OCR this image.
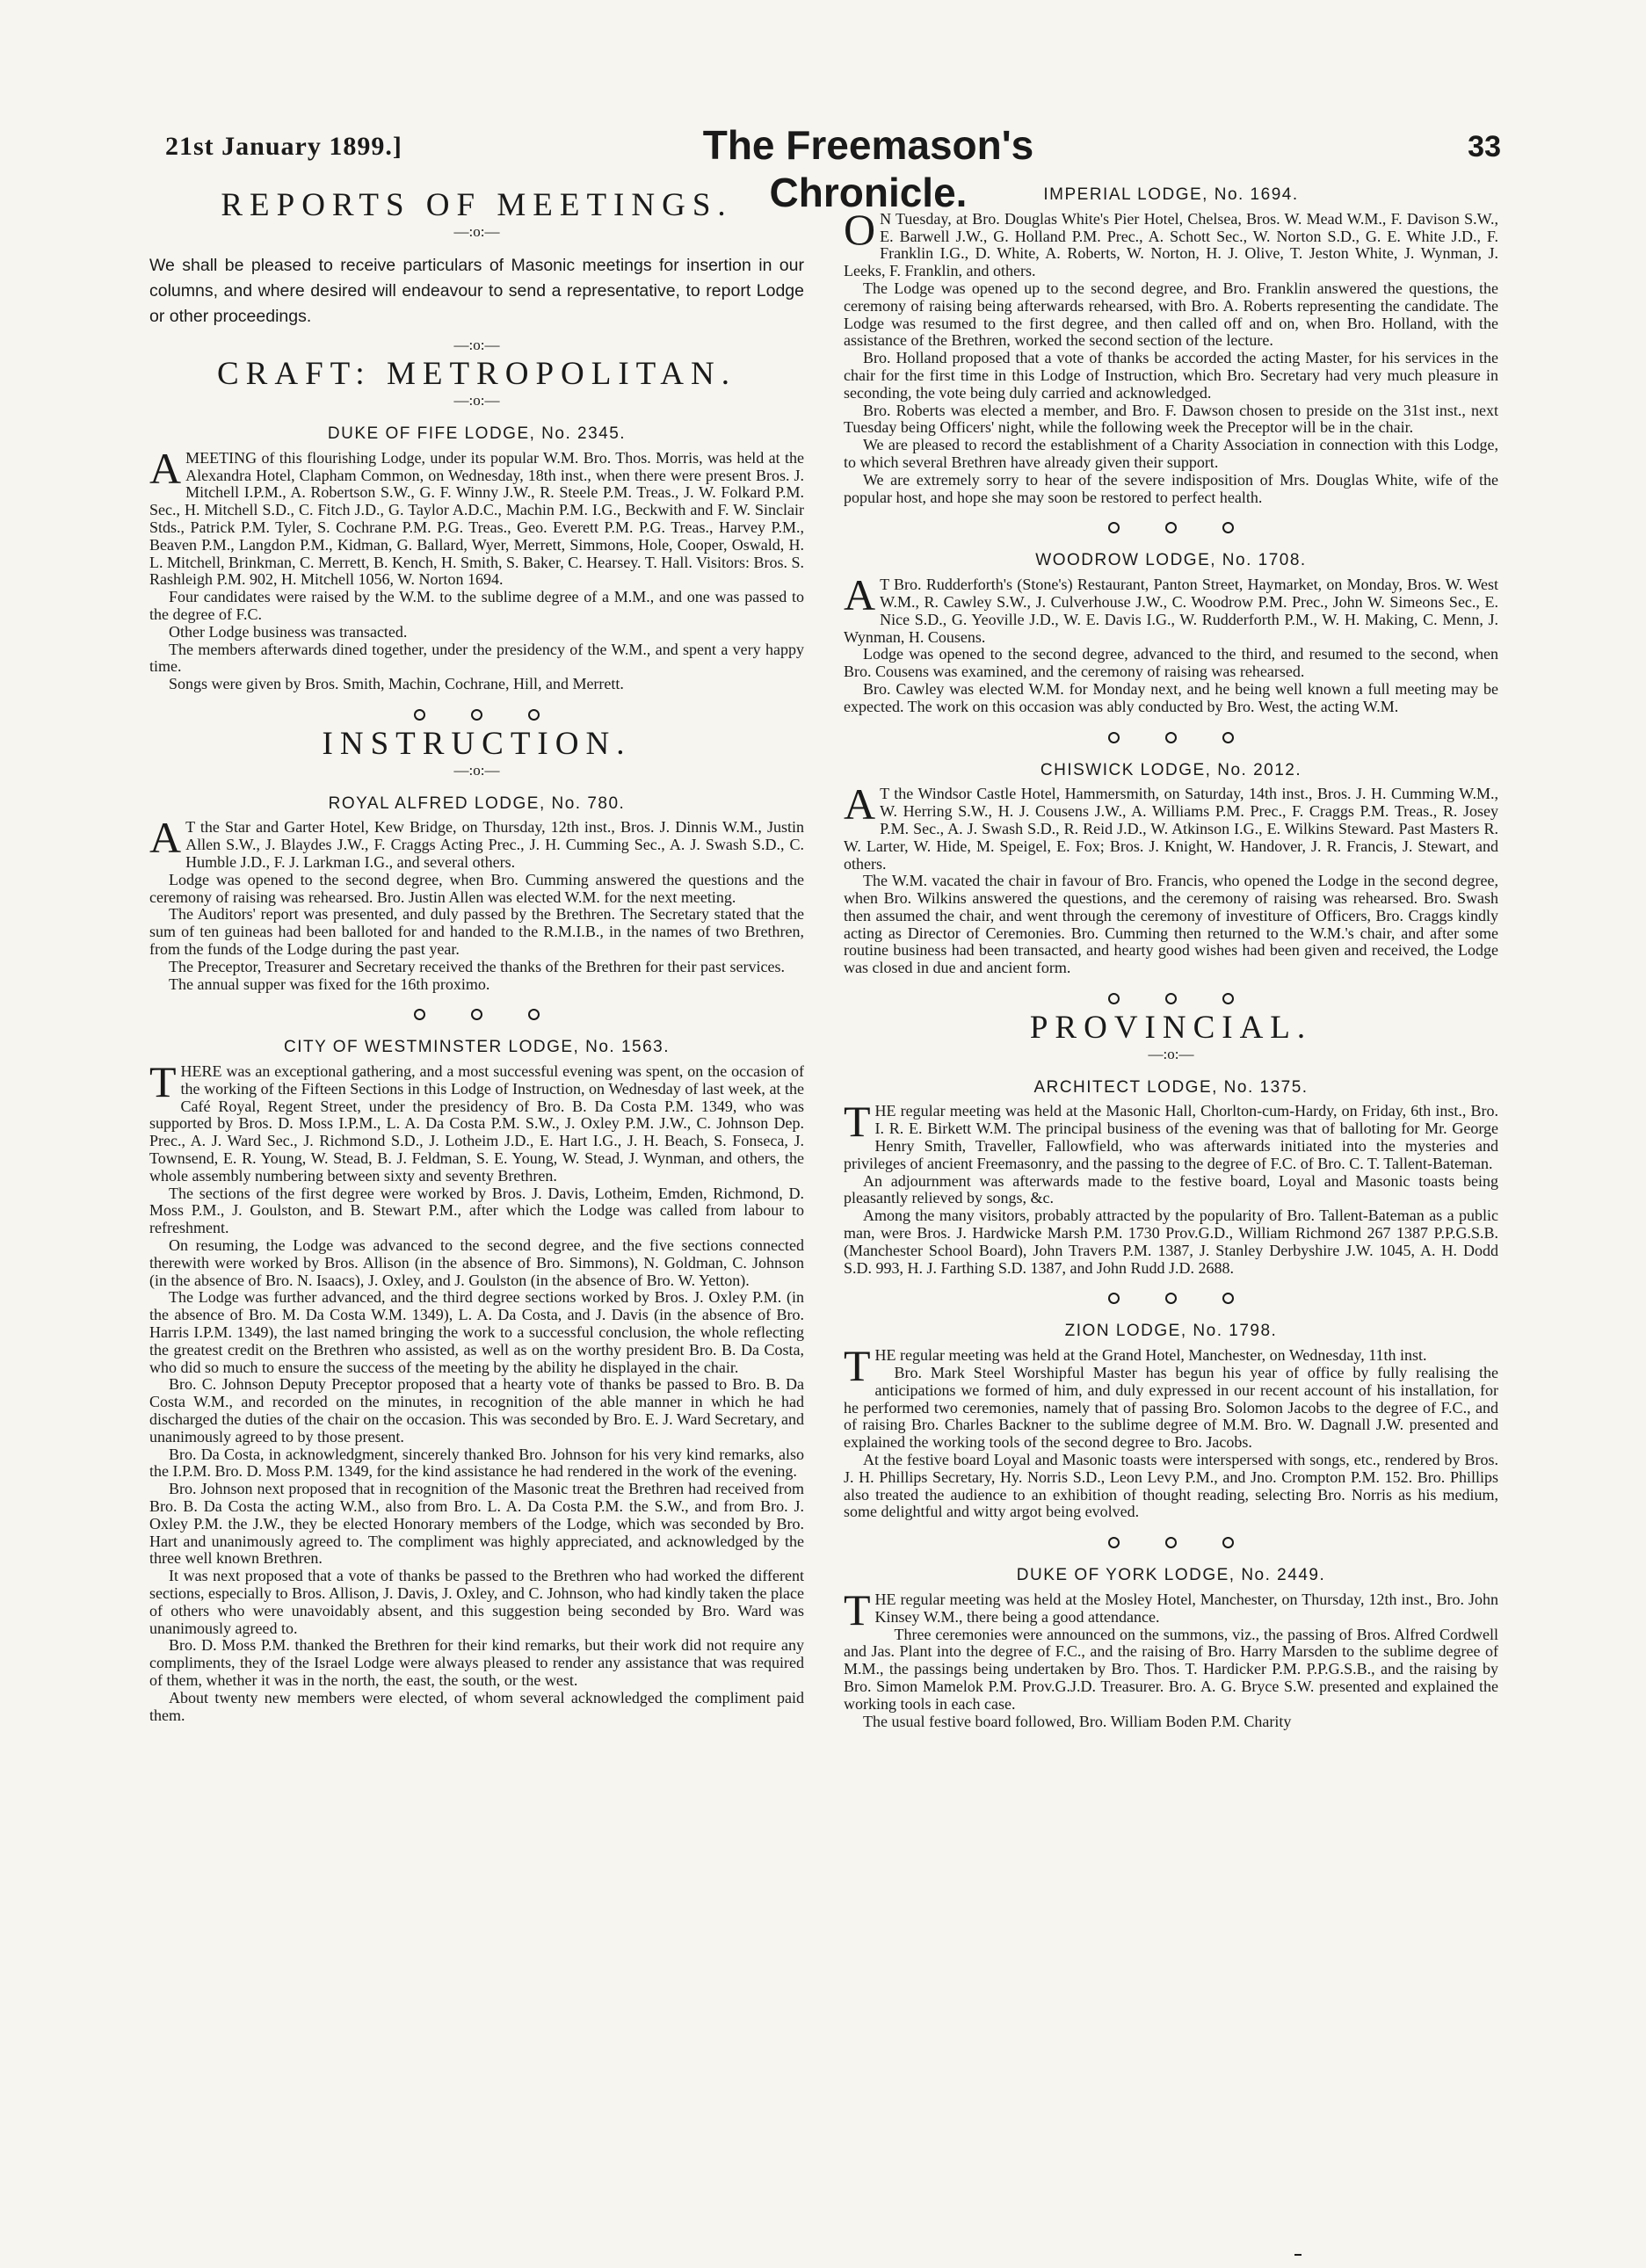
21st January 1899.]	The Freemason's Chronicle.
33
REPORTS OF MEETINGS.
—:o:—
We shall be pleased to receive particulars of Masonic meetings for insertion in our columns, and where desired will endeavour to send a representative, to report Lodge or other proceedings.
—:o:—
CRAFT: METROPOLITAN.
—:o:—
DUKE OF FIFE LODGE, No. 2345.

AMEETING of this flourishing Lodge, under its popular W.M. Bro. Thos. Morris, was held at the Alexandra Hotel, Clapham Common, on Wednesday, 18th inst., when there were present Bros. J. Mitchell I.P.M., A. Robertson S.W., G. F. Winny J.W., R. Steele P.M. Treas., J. W. Folkard P.M. Sec., H. Mitchell S.D., C. Fitch J.D., G. Taylor A.D.C., Machin P.M. I.G., Beckwith and F. W. Sinclair Stds., Patrick P.M. Tyler, S. Cochrane P.M. P.G. Treas., Geo. Everett P.M. P.G. Treas., Harvey P.M., Beaven P.M., Langdon P.M., Kidman, G. Ballard, Wyer, Merrett, Simmons, Hole, Cooper, Oswald, H. L. Mitchell, Brinkman, C. Merrett, B. Kench, H. Smith, S. Baker, C. Hearsey. T. Hall. Visitors: Bros. S. Rashleigh P.M. 902, H. Mitchell 1056, W. Norton 1694.

Four candidates were raised by the W.M. to the sublime degree of a M.M., and one was passed to the degree of F.C.

Other Lodge business was transacted.

The members afterwards dined together, under the presidency of the W.M., and spent a very happy time.

Songs were given by Bros. Smith, Machin, Cochrane, Hill, and Merrett.

INSTRUCTION.
—:o:—
ROYAL ALFRED LODGE, No. 780.

A T the Star and Garter Hotel, Kew Bridge, on Thursday, 12th inst., Bros. J. Dinnis W.M., Justin Allen S.W., J. Blaydes J.W., F. Craggs Acting Prec., J. H. Cumming Sec., A. J. Swash S.D., C. Humble J.D., F. J. Larkman I.G., and several others.

Lodge was opened to the second degree, when Bro. Cumming answered the questions and the ceremony of raising was rehearsed. Bro. Justin Allen was elected W.M. for the next meeting.

The Auditors' report was presented, and duly passed by the Brethren. The Secretary stated that the sum of ten guineas had been balloted for and handed to the R.M.I.B., in the names of two Brethren, from the funds of the Lodge during the past year.

The Preceptor, Treasurer and Secretary received the thanks of the Brethren for their past services.

The annual supper was fixed for the 16th proximo.

CITY OF WESTMINSTER LODGE, No. 1563.

THERE was an exceptional gathering, and a most successful evening was spent, on the occasion of the working of the Fifteen Sections in this Lodge of Instruction, on Wednesday of last week, at the Café Royal, Regent Street, under the presidency of Bro. B. Da Costa P.M. 1349, who was supported by Bros. D. Moss I.P.M., L. A. Da Costa P.M. S.W., J. Oxley P.M. J.W., C. Johnson Dep. Prec., A. J. Ward Sec., J. Richmond S.D., J. Lotheim J.D., E. Hart I.G., J. H. Beach, S. Fonseca, J. Townsend, E. R. Young, W. Stead, B. J. Feldman, S. E. Young, W. Stead, J. Wynman, and others, the whole assembly numbering between sixty and seventy Brethren.

The sections of the first degree were worked by Bros. J. Davis, Lotheim, Emden, Richmond, D. Moss P.M., J. Goulston, and B. Stewart P.M., after which the Lodge was called from labour to refreshment.

On resuming, the Lodge was advanced to the second degree, and the five sections connected therewith were worked by Bros. Allison (in the absence of Bro. Simmons), N. Goldman, C. Johnson (in the absence of Bro. N. Isaacs), J. Oxley, and J. Goulston (in the absence of Bro. W. Yetton).

The Lodge was further advanced, and the third degree sections worked by Bros. J. Oxley P.M. (in the absence of Bro. M. Da Costa W.M. 1349), L. A. Da Costa, and J. Davis (in the absence of Bro. Harris I.P.M. 1349), the last named bringing the work to a successful conclusion, the whole reflecting the greatest credit on the Brethren who assisted, as well as on the worthy president Bro. B. Da Costa, who did so much to ensure the success of the meeting by the ability he displayed in the chair.

Bro. C. Johnson Deputy Preceptor proposed that a hearty vote of thanks be passed to Bro. B. Da Costa W.M., and recorded on the minutes, in recognition of the able manner in which he had discharged the duties of the chair on the occasion. This was seconded by Bro. E. J. Ward Secretary, and unanimously agreed to by those present.

Bro. Da Costa, in acknowledgment, sincerely thanked Bro. Johnson for his very kind remarks, also the I.P.M. Bro. D. Moss P.M. 1349, for the kind assistance he had rendered in the work of the evening.

Bro. Johnson next proposed that in recognition of the Masonic treat the Brethren had received from Bro. B. Da Costa the acting W.M., also from Bro. L. A. Da Costa P.M. the S.W., and from Bro. J. Oxley P.M. the J.W., they be elected Honorary members of the Lodge, which was seconded by Bro. Hart and unanimously agreed to. The compliment was highly appreciated, and acknowledged by the three well known Brethren.

It was next proposed that a vote of thanks be passed to the Brethren who had worked the different sections, especially to Bros. Allison, J. Davis, J. Oxley, and C. Johnson, who had kindly taken the place of others who were unavoidably absent, and this suggestion being seconded by Bro. Ward was unanimously agreed to.

Bro. D. Moss P.M. thanked the Brethren for their kind remarks, but their work did not require any compliments, they of the Israel Lodge were always pleased to render any assistance that was required of them, whether it was in the north, the east, the south, or the west.

About twenty new members were elected, of whom several acknowledged the compliment paid them.

IMPERIAL LODGE, No. 1694.

O N Tuesday, at Bro. Douglas White's Pier Hotel, Chelsea, Bros. W. Mead W.M., F. Davison S.W., E. Barwell J.W., G. Holland P.M. Prec., A. Schott Sec., W. Norton S.D., G. E. White J.D., F. Franklin I.G., D. White, A. Roberts, W. Norton, H. J. Olive, T. Jeston White, J. Wynman, J. Leeks, F. Franklin, and others.

The Lodge was opened up to the second degree, and Bro. Franklin answered the questions, the ceremony of raising being afterwards rehearsed, with Bro. A. Roberts representing the candidate. The Lodge was resumed to the first degree, and then called off and on, when Bro. Holland, with the assistance of the Brethren, worked the second section of the lecture.

Bro. Holland proposed that a vote of thanks be accorded the acting Master, for his services in the chair for the first time in this Lodge of Instruction, which Bro. Secretary had very much pleasure in seconding, the vote being duly carried and acknowledged.

Bro. Roberts was elected a member, and Bro. F. Dawson chosen to preside on the 31st inst., next Tuesday being Officers' night, while the following week the Preceptor will be in the chair.

We are pleased to record the establishment of a Charity Association in connection with this Lodge, to which several Brethren have already given their support.

We are extremely sorry to hear of the severe indisposition of Mrs. Douglas White, wife of the popular host, and hope she may soon be restored to perfect health.

WOODROW LODGE, No. 1708.

A T Bro. Rudderforth's (Stone's) Restaurant, Panton Street, Haymarket, on Monday, Bros. W. West W.M., R. Cawley S.W., J. Culverhouse J.W., C. Woodrow P.M. Prec., John W. Simeons Sec., E. Nice S.D., G. Yeoville J.D., W. E. Davis I.G., W. Rudderforth P.M., W. H. Making, C. Menn, J. Wynman, H. Cousens.

Lodge was opened to the second degree, advanced to the third, and resumed to the second, when Bro. Cousens was examined, and the ceremony of raising was rehearsed.

Bro. Cawley was elected W.M. for Monday next, and he being well known a full meeting may be expected. The work on this occasion was ably conducted by Bro. West, the acting W.M.

CHISWICK LODGE, No. 2012.

A T the Windsor Castle Hotel, Hammersmith, on Saturday, 14th inst., Bros. J. H. Cumming W.M., W. Herring S.W., H. J. Cousens J.W., A. Williams P.M. Prec., F. Craggs P.M. Treas., R. Josey P.M. Sec., A. J. Swash S.D., R. Reid J.D., W. Atkinson I.G., E. Wilkins Steward. Past Masters R. W. Larter, W. Hide, M. Speigel, E. Fox; Bros. J. Knight, W. Handover, J. R. Francis, J. Stewart, and others.

The W.M. vacated the chair in favour of Bro. Francis, who opened the Lodge in the second degree, when Bro. Wilkins answered the questions, and the ceremony of raising was rehearsed. Bro. Swash then assumed the chair, and went through the ceremony of investiture of Officers, Bro. Craggs kindly acting as Director of Ceremonies. Bro. Cumming then returned to the W.M.'s chair, and after some routine business had been transacted, and hearty good wishes had been given and received, the Lodge was closed in due and ancient form.

PROVINCIAL.
—:o:—
ARCHITECT LODGE, No. 1375.

THE regular meeting was held at the Masonic Hall, Chorlton-cum-Hardy, on Friday, 6th inst., Bro. I. R. E. Birkett W.M. The principal business of the evening was that of balloting for Mr. George Henry Smith, Traveller, Fallowfield, who was afterwards initiated into the mysteries and privileges of ancient Freemasonry, and the passing to the degree of F.C. of Bro. C. T. Tallent-Bateman.

An adjournment was afterwards made to the festive board, Loyal and Masonic toasts being pleasantly relieved by songs, &c.

Among the many visitors, probably attracted by the popularity of Bro. Tallent-Bateman as a public man, were Bros. J. Hardwicke Marsh P.M. 1730 Prov.G.D., William Richmond 267 1387 P.P.G.S.B. (Manchester School Board), John Travers P.M. 1387, J. Stanley Derbyshire J.W. 1045, A. H. Dodd S.D. 993, H. J. Farthing S.D. 1387, and John Rudd J.D. 2688.

ZION LODGE, No. 1798.

THE regular meeting was held at the Grand Hotel, Manchester, on Wednesday, 11th inst.

Bro. Mark Steel Worshipful Master has begun his year of office by fully realising the anticipations we formed of him, and duly expressed in our recent account of his installation, for he performed two ceremonies, namely that of passing Bro. Solomon Jacobs to the degree of F.C., and of raising Bro. Charles Backner to the sublime degree of M.M. Bro. W. Dagnall J.W. presented and explained the working tools of the second degree to Bro. Jacobs.

At the festive board Loyal and Masonic toasts were interspersed with songs, etc., rendered by Bros. J. H. Phillips Secretary, Hy. Norris S.D., Leon Levy P.M., and Jno. Crompton P.M. 152. Bro. Phillips also treated the audience to an exhibition of thought reading, selecting Bro. Norris as his medium, some delightful and witty argot being evolved.

DUKE OF YORK LODGE, No. 2449.

THE regular meeting was held at the Mosley Hotel, Manchester, on Thursday, 12th inst., Bro. John Kinsey W.M., there being a good attendance.

Three ceremonies were announced on the summons, viz., the passing of Bros. Alfred Cordwell and Jas. Plant into the degree of F.C., and the raising of Bro. Harry Marsden to the sublime degree of M.M., the passings being undertaken by Bro. Thos. T. Hardicker P.M. P.P.G.S.B., and the raising by Bro. Simon Mamelok P.M. Prov.G.J.D. Treasurer. Bro. A. G. Bryce S.W. presented and explained the working tools in each case.

The usual festive board followed, Bro. William Boden P.M. Charity
